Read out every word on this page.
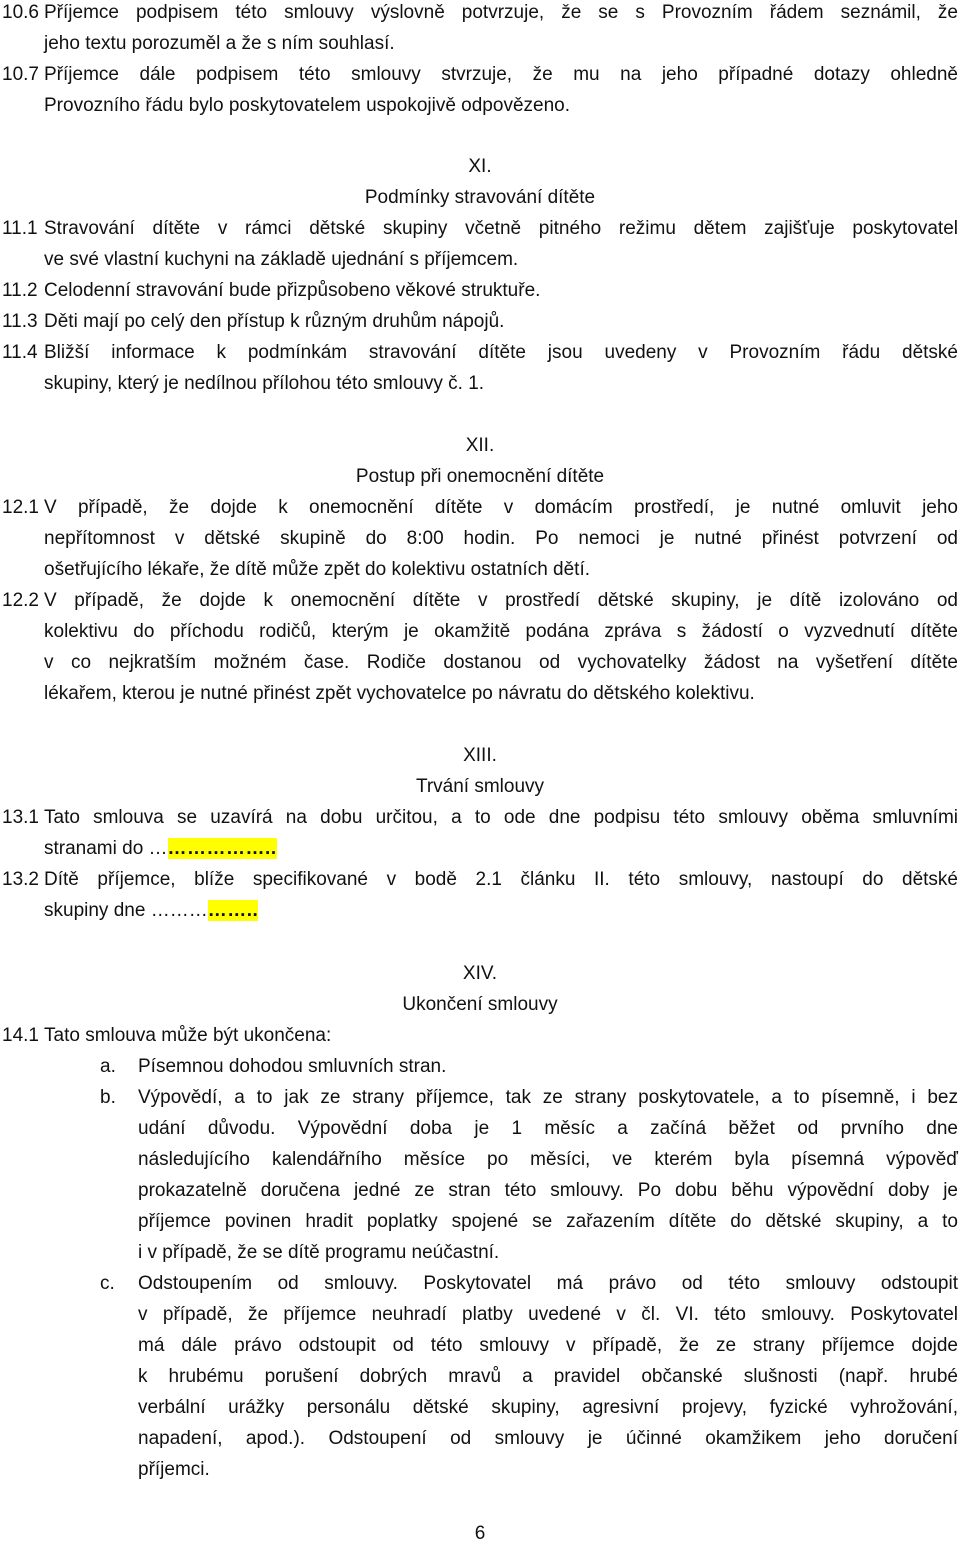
10.6 Příjemce podpisem této smlouvy výslovně potvrzuje, že se s Provozním řádem seznámil, že
jeho textu porozuměl a že s ním souhlasí.
10.7 Příjemce dále podpisem této smlouvy stvrzuje, že mu na jeho případné dotazy ohledně
Provozního řádu bylo poskytovatelem uspokojivě odpovězeno.
XI.
Podmínky stravování dítěte
11.1 Stravování dítěte v rámci dětské skupiny včetně pitného režimu dětem zajišťuje poskytovatel
ve své vlastní kuchyni na základě ujednání s příjemcem.
11.2 Celodenní stravování bude přizpůsobeno věkové struktuře.
11.3 Děti mají po celý den přístup k různým druhům nápojů.
11.4 Bližší informace k podmínkám stravování dítěte jsou uvedeny v Provozním řádu dětské
skupiny, který je nedílnou přílohou této smlouvy č. 1.
XII.
Postup při onemocnění dítěte
12.1 V případě, že dojde k onemocnění dítěte v domácím prostředí, je nutné omluvit jeho
nepřítomnost v dětské skupině do 8:00 hodin. Po nemoci je nutné přinést potvrzení od
ošetřujícího lékaře, že dítě může zpět do kolektivu ostatních dětí.
12.2 V případě, že dojde k onemocnění dítěte v prostředí dětské skupiny, je dítě izolováno od
kolektivu do příchodu rodičů, kterým je okamžitě podána zpráva s žádostí o vyzvednutí dítěte
v co nejkratším možném čase. Rodiče dostanou od vychovatelky žádost na vyšetření dítěte
lékařem, kterou je nutné přinést zpět vychovatelce po návratu do dětského kolektivu.
XIII.
Trvání smlouvy
13.1 Tato smlouva se uzavírá na dobu určitou, a to ode dne podpisu této smlouvy oběma smluvními
stranami do ………………..
13.2 Dítě příjemce, blíže specifikované v bodě 2.1 článku II. této smlouvy, nastoupí do dětské
skupiny dne ……………..
XIV.
Ukončení smlouvy
14.1 Tato smlouva může být ukončena:
a.	Písemnou dohodou smluvních stran.
b.	Výpovědí, a to jak ze strany příjemce, tak ze strany poskytovatele, a to písemně, i bez
udání důvodu. Výpovědní doba je 1 měsíc a začíná běžet od prvního dne
následujícího kalendářního měsíce po měsíci, ve kterém byla písemná výpověď
prokazatelně doručena jedné ze stran této smlouvy. Po dobu běhu výpovědní doby je
příjemce povinen hradit poplatky spojené se zařazením dítěte do dětské skupiny, a to
i v případě, že se dítě programu neúčastní.
c.	Odstoupením od smlouvy. Poskytovatel má právo od této smlouvy odstoupit
v případě, že příjemce neuhradí platby uvedené v čl. VI. této smlouvy. Poskytovatel
má dále právo odstoupit od této smlouvy v případě, že ze strany příjemce dojde
k hrubému porušení dobrých mravů a pravidel občanské slušnosti (např. hrubé
verbální urážky personálu dětské skupiny, agresivní projevy, fyzické vyhrožování,
napadení, apod.). Odstoupení od smlouvy je účinné okamžikem jeho doručení
příjemci.
6
